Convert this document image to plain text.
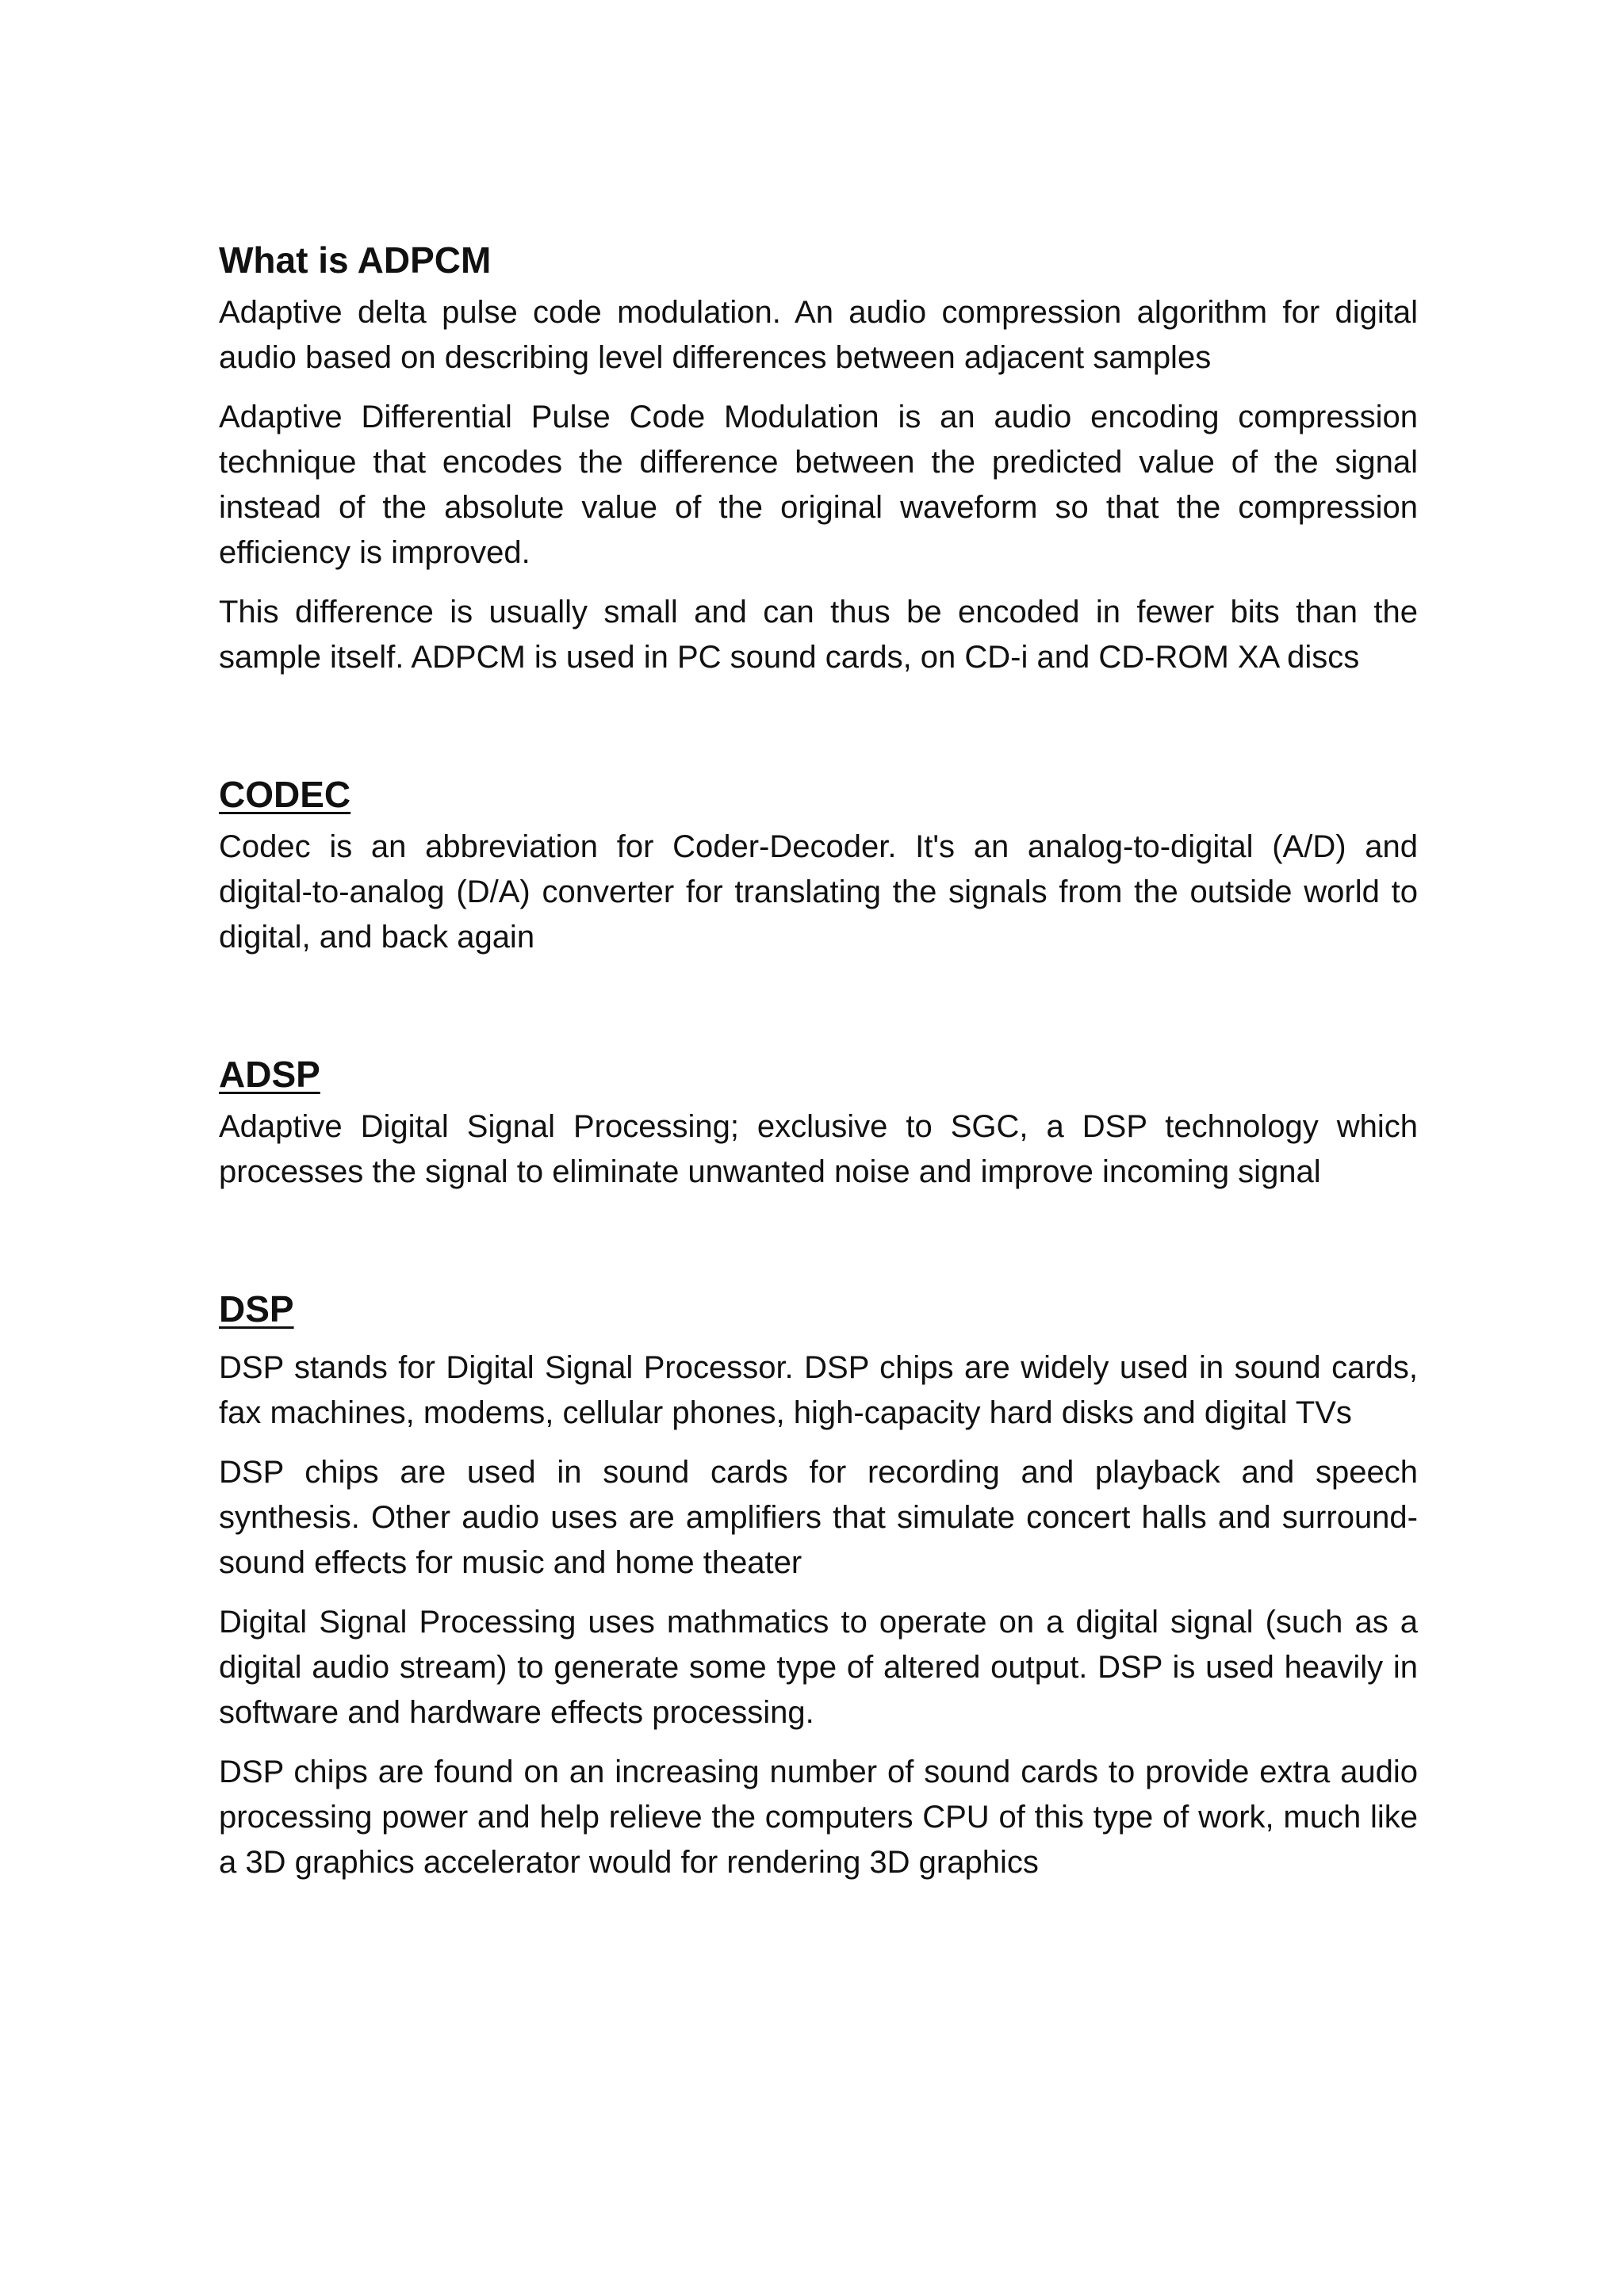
What is ADPCM

Adaptive delta pulse code modulation. An audio compression algorithm for digital audio based on describing level differences between adjacent samples

Adaptive Differential Pulse Code Modulation is an audio encoding compression technique that encodes the difference between the predicted value of the signal instead of the absolute value of the original waveform so that the compression efficiency is improved.

This difference is usually small and can thus be encoded in fewer bits than the sample itself. ADPCM is used in PC sound cards, on CD-i and CD-ROM XA discs

CODEC

Codec is an abbreviation for Coder-Decoder. It's an analog-to-digital (A/D) and digital-to-analog (D/A) converter for translating the signals from the outside world to digital, and back again

ADSP

Adaptive Digital Signal Processing; exclusive to SGC, a DSP technology which processes the signal to eliminate unwanted noise and improve incoming signal

DSP

DSP stands for Digital Signal Processor. DSP chips are widely used in sound cards, fax machines, modems, cellular phones, high-capacity hard disks and digital TVs

DSP chips are used in sound cards for recording and playback and speech synthesis. Other audio uses are amplifiers that simulate concert halls and surround-sound effects for music and home theater

Digital Signal Processing uses mathmatics to operate on a digital signal (such as a digital audio stream) to generate some type of altered output. DSP is used heavily in software and hardware effects processing.

DSP chips are found on an increasing number of sound cards to provide extra audio processing power and help relieve the computers CPU of this type of work, much like a 3D graphics accelerator would for rendering 3D graphics
